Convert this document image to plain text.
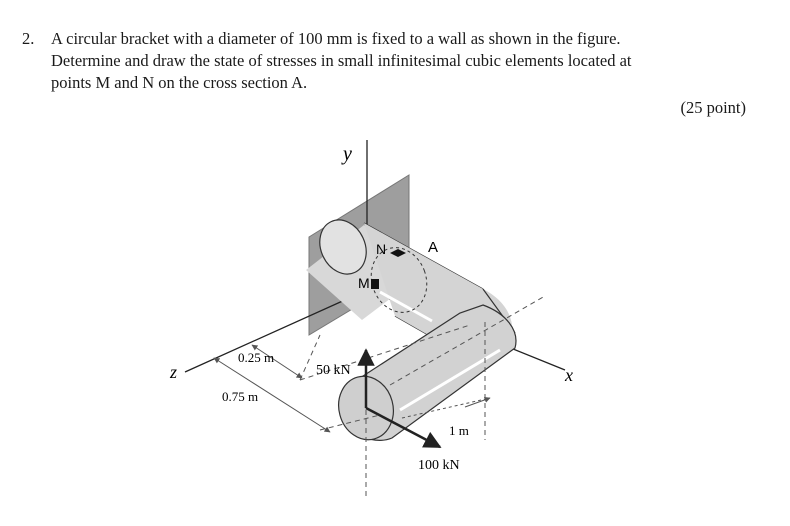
2. A circular bracket with a diameter of 100 mm is fixed to a wall as shown in the figure.
Determine and draw the state of stresses in small infinitesimal cubic elements located at
points M and N on the cross section A.
(25 point)
y
z	x
N
M
A
0.25 m
0.75 m
1 m
50 kN
100 kN
